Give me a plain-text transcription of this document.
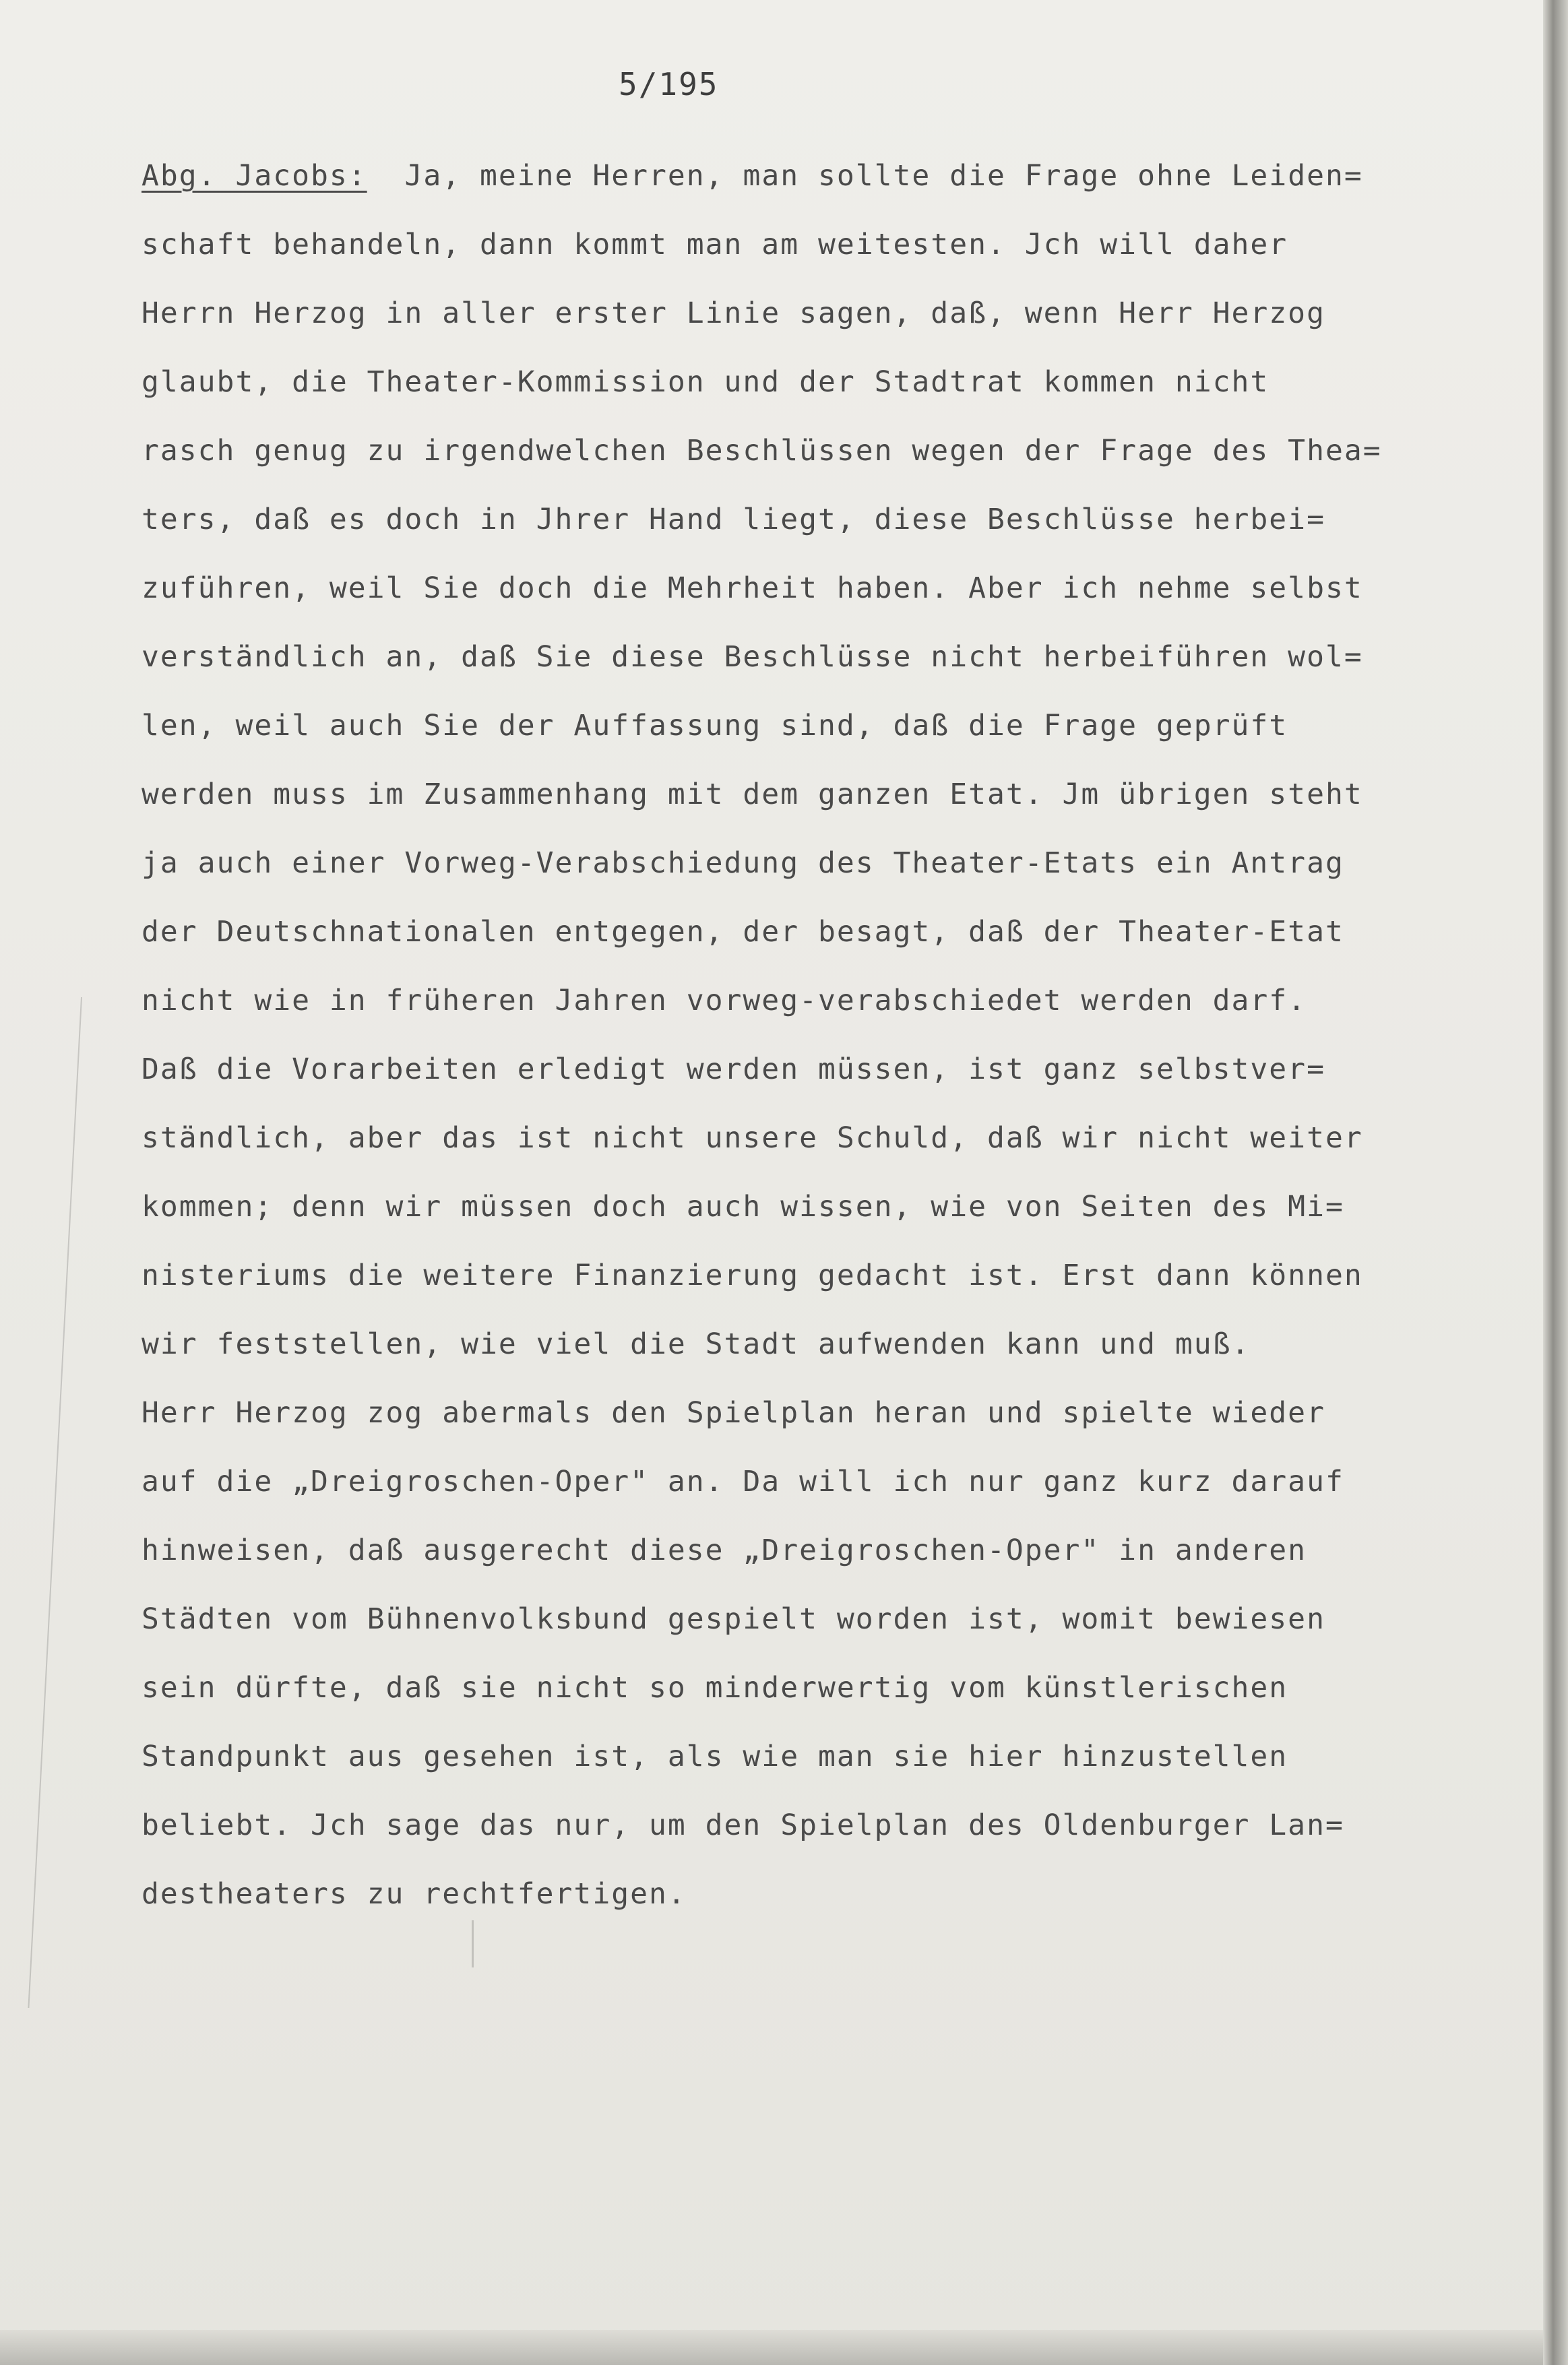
5/195
Abg. Jacobs: Ja, meine Herren, man sollte die Frage ohne Leiden=
schaft behandeln, dann kommt man am weitesten. Jch will daher
Herrn Herzog in aller erster Linie sagen, daß, wenn Herr Herzog
glaubt, die Theater-Kommission und der Stadtrat kommen nicht
rasch genug zu irgendwelchen Beschlüssen wegen der Frage des Thea=
ters, daß es doch in Jhrer Hand liegt, diese Beschlüsse herbei=
zuführen, weil Sie doch die Mehrheit haben. Aber ich nehme selbst
verständlich an, daß Sie diese Beschlüsse nicht herbeiführen wol=
len, weil auch Sie der Auffassung sind, daß die Frage geprüft
werden muss im Zusammenhang mit dem ganzen Etat. Jm übrigen steht
ja auch einer Vorweg-Verabschiedung des Theater-Etats ein Antrag
der Deutschnationalen entgegen, der besagt, daß der Theater-Etat
nicht wie in früheren Jahren vorweg-verabschiedet werden darf.
Daß die Vorarbeiten erledigt werden müssen, ist ganz selbstver=
ständlich, aber das ist nicht unsere Schuld, daß wir nicht weiter
kommen; denn wir müssen doch auch wissen, wie von Seiten des Mi=
nisteriums die weitere Finanzierung gedacht ist. Erst dann können
wir feststellen, wie viel die Stadt aufwenden kann und muß.
Herr Herzog zog abermals den Spielplan heran und spielte wieder
auf die „Dreigroschen-Oper" an. Da will ich nur ganz kurz darauf
hinweisen, daß ausgerecht diese „Dreigroschen-Oper" in anderen
Städten vom Bühnenvolksbund gespielt worden ist, womit bewiesen
sein dürfte, daß sie nicht so minderwertig vom künstlerischen
Standpunkt aus gesehen ist, als wie man sie hier hinzustellen
beliebt. Jch sage das nur, um den Spielplan des Oldenburger Lan=
destheaters zu rechtfertigen.
